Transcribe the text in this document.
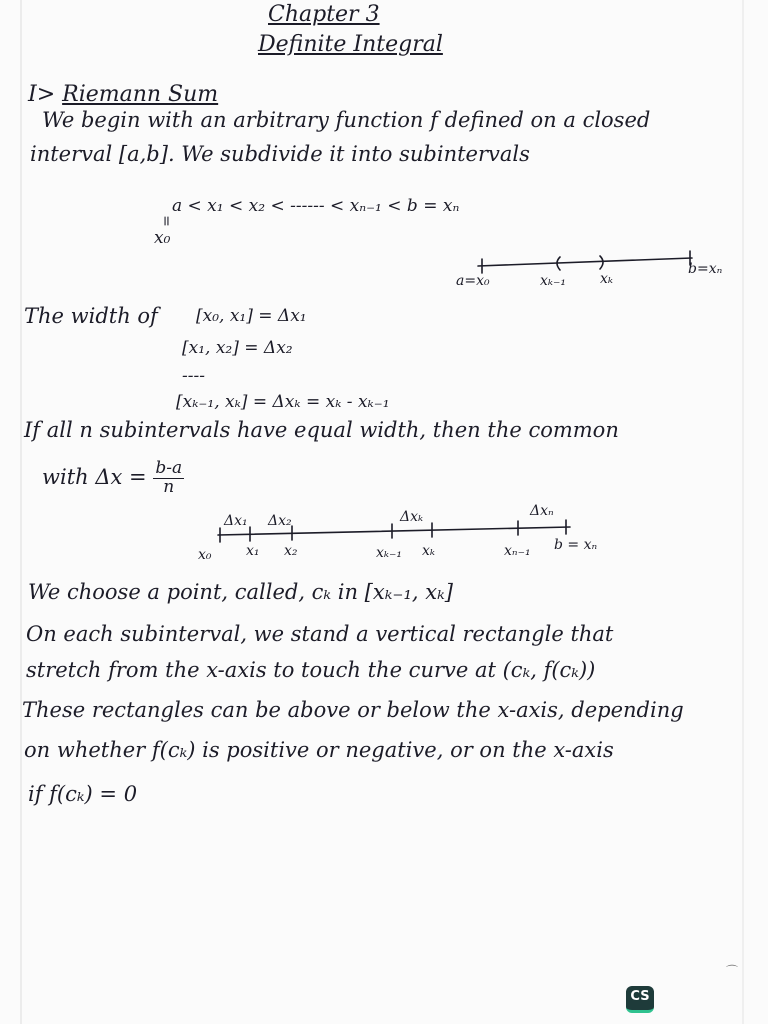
Chapter 3
Definite Integral
I> Riemann Sum
We begin with an arbitrary function f defined on a closed
interval [a,b]. We subdivide it into subintervals
a < x₁ < x₂ < ------ < xₙ₋₁ < b = xₙ
=
x₀
a=x₀	xₖ₋₁ xₖ
b=xₙ
The width of [x₀, x₁] = Δx₁
[x₁, x₂] = Δx₂
----
[xₖ₋₁, xₖ] = Δxₖ = xₖ - xₖ₋₁
If all n subintervals have equal width, then the common
with $\Delta x = \frac{b-a}{n}$
Δx₁ Δx₂	Δxₖ	Δxₙ
x₀ x₁ x₂	xₖ₋₁ xₖ	xₙ₋₁ b = xₙ
We choose a point, called, cₖ in [xₖ₋₁, xₖ]
On each subinterval, we stand a vertical rectangle that
stretch from the x-axis to touch the curve at (cₖ, f(cₖ))
These rectangles can be above or below the x-axis, depending
on whether f(cₖ) is positive or negative, or on the x-axis
if f(cₖ) = 0
⌒
CS
